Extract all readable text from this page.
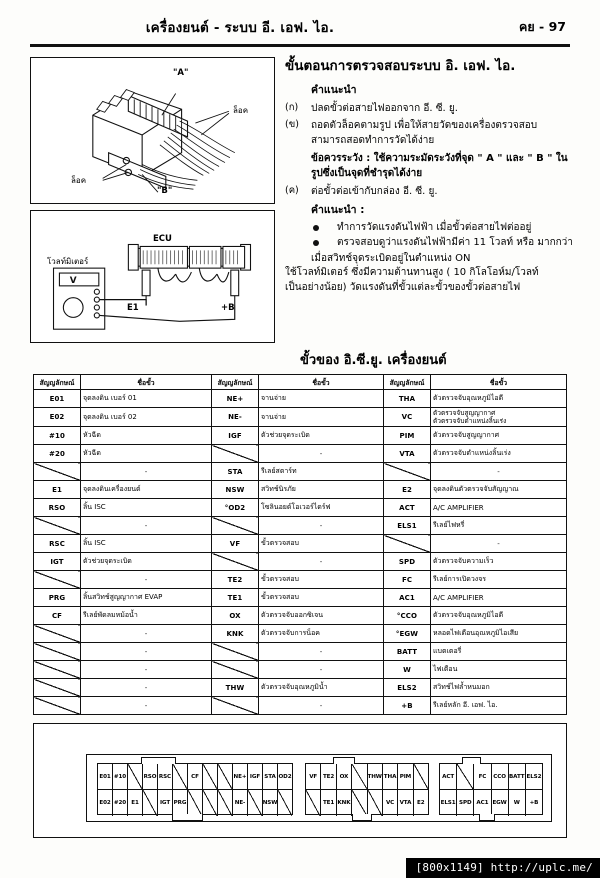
เครื่องยนต์ - ระบบ อี. เอฟ. ไอ.	คย - 97
"A"
"B"
ล็อค
ล็อค
V
ECU
โวลท์มิเตอร์
E1	+B
ขั้นตอนการตรวจสอบระบบ อิ. เอฟ. ไอ.
คำแนะนำ
(ก)	ปลดขั้วต่อสายไฟออกจาก อี. ซี. ยู.
(ข)	ถอดตัวล็อคตามรูป เพื่อให้สายวัดของเครื่องตรวจสอบ สามารถสอดทำการวัดได้ง่าย
ข้อควรระวัง : ใช้ความระมัดระวังที่จุด " A " และ " B " ในรูปซึ่งเป็นจุดที่ชำรุดได้ง่าย
(ค)	ต่อขั้วต่อเข้ากับกล่อง อี. ซี. ยู.
คำแนะนำ :
ทำการวัดแรงดันไฟฟ้า เมื่อขั้วต่อสายไฟต่ออยู่
ตรวจสอบดูว่าแรงดันไฟฟ้ามีค่า 11 โวลท์ หรือ มากกว่า
เมื่อสวิทช์จุดระเบิดอยู่ในตำแหน่ง ON
ใช้โวลท์มิเตอร์ ซึ่งมีความต้านทานสูง ( 10 กิโลโอห์ม/โวลท์
เป็นอย่างน้อย) วัดแรงดันที่ขั้วแต่ละขั้วของขั้วต่อสายไฟ
ขั้วของ อิ.ซี.ยู. เครื่องยนต์
สัญญลักษณ์	ชื่อขั้ว	สัญญลักษณ์	ชื่อขั้ว	สัญญลักษณ์	ชื่อขั้ว
E01	จุดลงดิน เบอร์ 01	NE+	จานจ่าย	THA	ตัวตรวจจับอุณหภูมิไอดี
E02	จุดลงดิน เบอร์ 02	NE-	จานจ่าย	VC	ตัวตรวจจับสูญญากาศ
ตัวตรวจจับตำแหน่งลิ้นเร่ง
#10	หัวฉีด	IGF	ตัวช่วยจุดระเบิด	PIM	ตัวตรวจจับสูญญากาศ
#20	หัวฉีด		-	VTA	ตัวตรวจจับตำแหน่งลิ้นเร่ง
	-	STA	รีเลย์สตาร์ท		-
E1	จุดลงดินเครื่องยนต์	NSW	สวิทช์นิรภัย	E2	จุดลงดินตัวตรวจจับสัญญาณ
RSO	ลิ้น ISC	°OD2	โซลินอยด์โอเวอร์ไดร์ฟ	ACT	A/C AMPLIFIER
	-		-	ELS1	รีเลย์ไฟหรี่
RSC	ลิ้น ISC	VF	ขั้วตรวจสอบ		-
IGT	ตัวช่วยจุดระเบิด		-	SPD	ตัวตรวจจับความเร็ว
	-	TE2	ขั้วตรวจสอบ	FC	รีเลย์การเปิดวงจร
PRG	ลิ้นสวิทช์สูญญากาศ EVAP	TE1	ขั้วตรวจสอบ	AC1	A/C AMPLIFIER
CF	รีเลย์พัดลมหม้อน้ำ	OX	ตัวตรวจจับออกซิเจน	°CCO	ตัวตรวจจับอุณหภูมิไอดี
	-	KNK	ตัวตรวจจับการน็อค	°EGW	หลอดไฟเตือนอุณหภูมิไอเสีย
	-		-	BATT	แบตเตอรี่
	-		-	W	ไฟเตือน
	-	THW	ตัวตรวจจับอุณหภูมิน้ำ	ELS2	สวิทช์ไฟล้ำหนมอก
	-		-	+B	รีเลย์หลัก อี. เอฟ. ไอ.
E01 #10	RSO RSC	CF	NE+ IGF STA OD2
E02 #20 E1	IGT PRG	NE-	NSW
VF	TE2 OX	THW THA PIM
TE1 KNK	VC VTA	E2
ACT	FC	CCO BATT ELS2
ELS1 SPD AC1 EGW	W	+B
[800x1149] http://uplc.me/
